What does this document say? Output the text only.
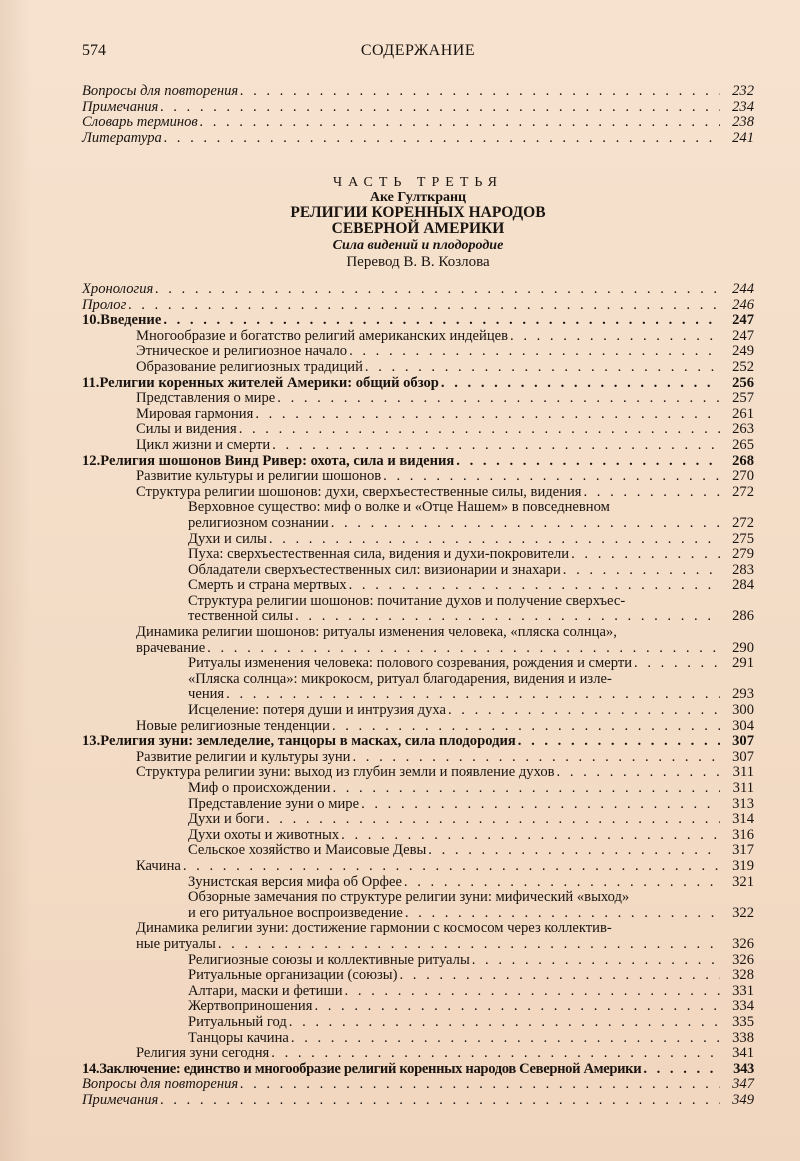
574	СОДЕРЖАНИЕ
Вопросы для повторения . . .	232
Примечания . . .	234
Словарь терминов . . .	238
Литература . . .	241
ЧАСТЬ ТРЕТЬЯ
Аке Гулткранц
РЕЛИГИИ КОРЕННЫХ НАРОДОВ
СЕВЕРНОЙ АМЕРИКИ
Сила видений и плодородие
Перевод В. В. Козлова
Хронология . . .	244
Пролог . . .	246
10. Введение . . .	247
Многообразие и богатство религий американских индейцев . . .	247
Этническое и религиозное начало . . .	249
Образование религиозных традиций . . .	252
11. Религии коренных жителей Америки: общий обзор . . .	256
Представления о мире . . .	257
Мировая гармония . . .	261
Силы и видения . . .	263
Цикл жизни и смерти . . .	265
12. Религия шошонов Винд Ривер: охота, сила и видения . . .	268
Развитие культуры и религии шошонов . . .	270
Структура религии шошонов: духи, сверхъестественные силы, видения . . .	272
Верховное существо: миф о волке и «Отце Нашем» в повседневном
религиозном сознании . . .	272
Духи и силы . . .	275
Пуха: сверхъестественная сила, видения и духи-покровители . . .	279
Обладатели сверхъестественных сил: визионарии и знахари . . .	283
Смерть и страна мертвых . . .	284
Структура религии шошонов: почитание духов и получение сверхъес-
тественной силы . . .	286
Динамика религии шошонов: ритуалы изменения человека, «пляска солнца»,
врачевание . . .	290
Ритуалы изменения человека: полового созревания, рождения и смерти . . .	291
«Пляска солнца»: микрокосм, ритуал благодарения, видения и изле-
чения . . .	293
Исцеление: потеря души и интрузия духа . . .	300
Новые религиозные тенденции . . .	304
13. Религия зуни: земледелие, танцоры в масках, сила плодородия . . .	307
Развитие религии и культуры зуни . . .	307
Структура религии зуни: выход из глубин земли и появление духов . . .	311
Миф о происхождении . . .	311
Представление зуни о мире . . .	313
Духи и боги . . .	314
Духи охоты и животных . . .	316
Сельское хозяйство и Маисовые Девы . . .	317
Качина . . .	319
Зунистская версия мифа об Орфее . . .	321
Обзорные замечания по структуре религии зуни: мифический «выход»
и его ритуальное воспроизведение . . .	322
Динамика религии зуни: достижение гармонии с космосом через коллектив-
ные ритуалы . . .	326
Религиозные союзы и коллективные ритуалы . . .	326
Ритуальные организации (союзы) . . .	328
Алтари, маски и фетиши . . .	331
Жертвоприношения . . .	334
Ритуальный год . . .	335
Танцоры качина . . .	338
Религия зуни сегодня . . .	341
14. Заключение: единство и многообразие религий коренных народов Северной Америки . . .	343
Вопросы для повторения . . .	347
Примечания . . .	349
